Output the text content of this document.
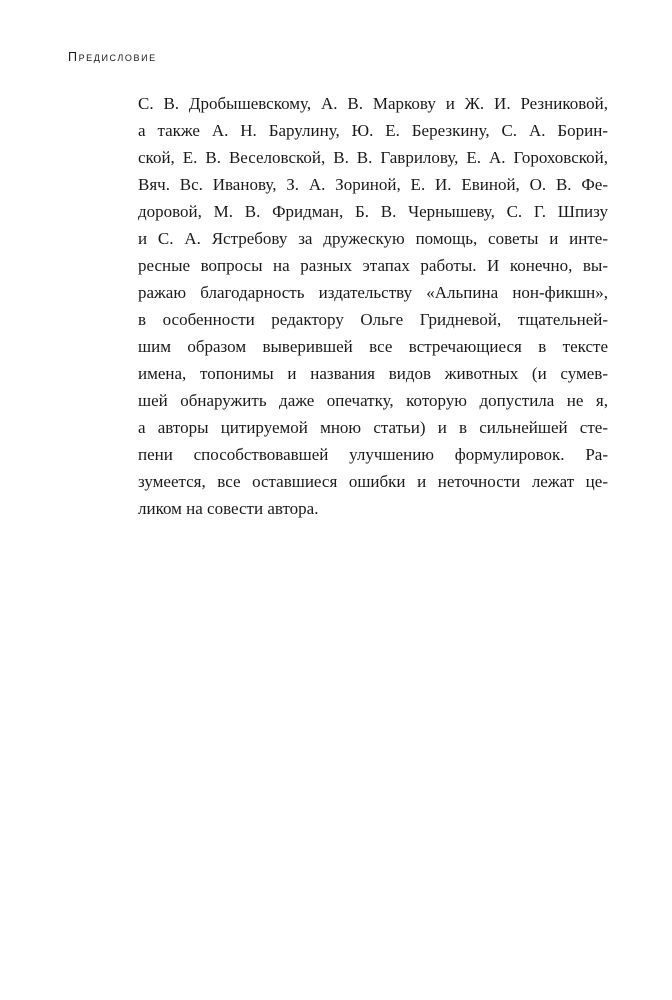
Предисловие
С. В. Дробышевскому, А. В. Маркову и Ж. И. Резниковой,
а также А. Н. Барулину, Ю. Е. Березкину, С. А. Борин-
ской, Е. В. Веселовской, В. В. Гаврилову, Е. А. Гороховской,
Вяч. Вс. Иванову, З. А. Зориной, Е. И. Евиной, О. В. Фе-
доровой, М. В. Фридман, Б. В. Чернышеву, С. Г. Шпизу
и С. А. Ястребову за дружескую помощь, советы и инте-
ресные вопросы на разных этапах работы. И конечно, вы-
ражаю благодарность издательству «Альпина нон-фикшн»,
в особенности редактору Ольге Гридневой, тщательней-
шим образом выверившей все встречающиеся в тексте
имена, топонимы и названия видов животных (и сумев-
шей обнаружить даже опечатку, которую допустила не я,
а авторы цитируемой мною статьи) и в сильнейшей сте-
пени способствовавшей улучшению формулировок. Ра-
зумеется, все оставшиеся ошибки и неточности лежат це-
ликом на совести автора.
